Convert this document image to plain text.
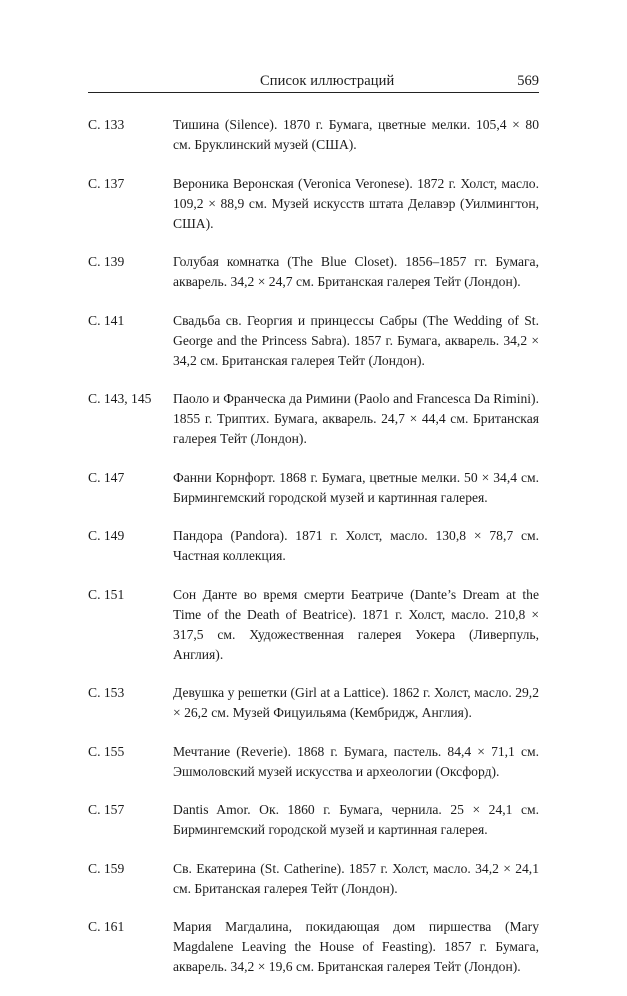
Список иллюстраций	569
С. 133	Тишина (Silence). 1870 г. Бумага, цветные мелки. 105,4 × 80 см. Бруклинский музей (США).
С. 137	Вероника Веронская (Veronica Veronese). 1872 г. Холст, масло. 109,2 × 88,9 см. Музей искусств штата Делавэр (Уилмингтон, США).
С. 139	Голубая комнатка (The Blue Closet). 1856–1857 гг. Бумага, акварель. 34,2 × 24,7 см. Британская галерея Тейт (Лондон).
С. 141	Свадьба св. Георгия и принцессы Сабры (The Wedding of St. George and the Princess Sabra). 1857 г. Бумага, акварель. 34,2 × 34,2 см. Британская галерея Тейт (Лондон).
С. 143, 145	Паоло и Франческа да Римини (Paolo and Francesca Da Rimini). 1855 г. Триптих. Бумага, акварель. 24,7 × 44,4 см. Британская галерея Тейт (Лондон).
С. 147	Фанни Корнфорт. 1868 г. Бумага, цветные мелки. 50 × 34,4 см. Бирмингемский городской музей и картинная галерея.
С. 149	Пандора (Pandora). 1871 г. Холст, масло. 130,8 × 78,7 см. Частная коллекция.
С. 151	Сон Данте во время смерти Беатриче (Dante’s Dream at the Time of the Death of Beatrice). 1871 г. Холст, масло. 210,8 × 317,5 см. Художественная галерея Уокера (Ливерпуль, Англия).
С. 153	Девушка у решетки (Girl at a Lattice). 1862 г. Холст, масло. 29,2 × 26,2 см. Музей Фицуильяма (Кембридж, Англия).
С. 155	Мечтание (Reverie). 1868 г. Бумага, пастель. 84,4 × 71,1 см. Эшмоловский музей искусства и археологии (Оксфорд).
С. 157	Dantis Amor. Ок. 1860 г. Бумага, чернила. 25 × 24,1 см. Бирмингемский городской музей и картинная галерея.
С. 159	Св. Екатерина (St. Catherine). 1857 г. Холст, масло. 34,2 × 24,1 см. Британская галерея Тейт (Лондон).
С. 161	Мария Магдалина, покидающая дом пиршества (Mary Magdalene Leaving the House of Feasting). 1857 г. Бумага, акварель. 34,2 × 19,6 см. Британская галерея Тейт (Лондон).
